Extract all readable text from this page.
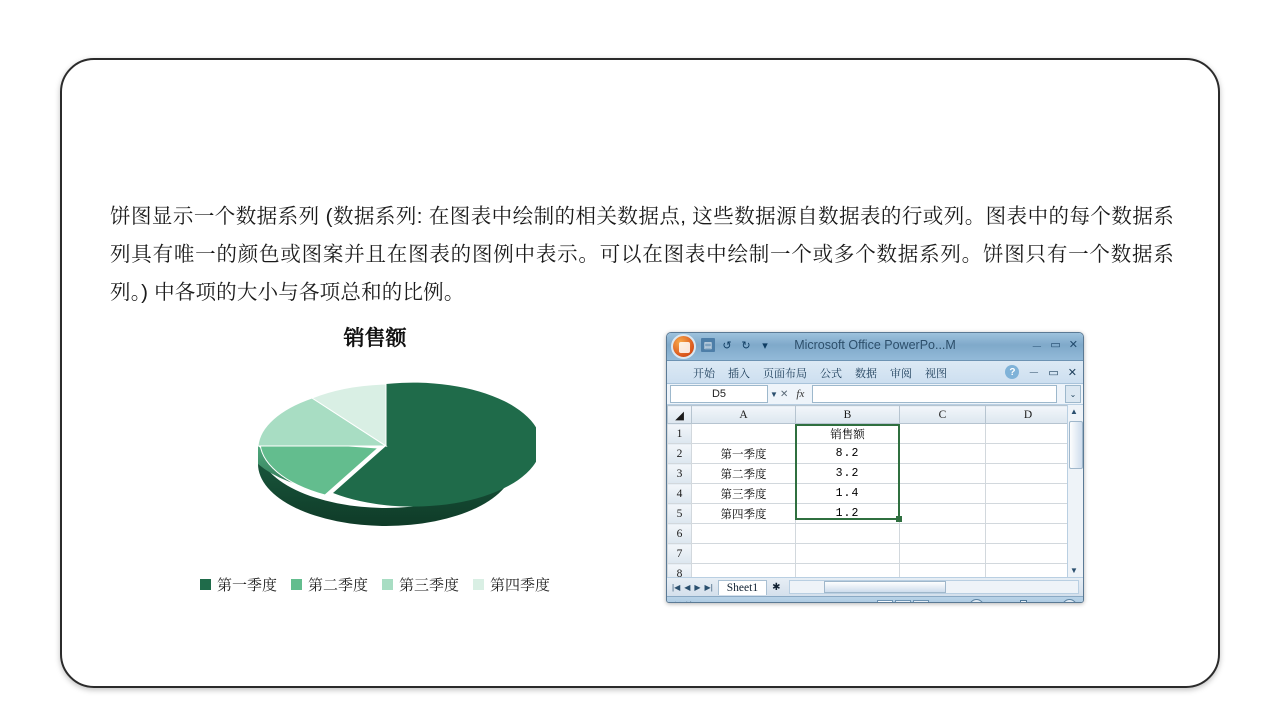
饼图显示一个数据系列 (数据系列: 在图表中绘制的相关数据点, 这些数据源自数据表的行或列。图表中的每个数据系列具有唯一的颜色或图案并且在图表的图例中表示。可以在图表中绘制一个或多个数据系列。饼图只有一个数据系列。) 中各项的大小与各项总和的比例。
销售额
第一季度 第二季度 第三季度 第四季度
▤ ↺ ↻	▾	Microsoft Office PowerPo...M	－ ▭ ✕
开始 插入 页面布局 公式 数据 审阅 视图	?	－ ▭ ✕
D5	▼ ✕ fx	⌄
◢	A	B	C	D
1		销售额		
2	第一季度	8.2		
3	第二季度	3.2		
4	第三季度	1.4		
5	第四季度	1.2		
6				
7				
8				

▲
▼
|◀ ◀ ▶ ▶|	Sheet1	✱
